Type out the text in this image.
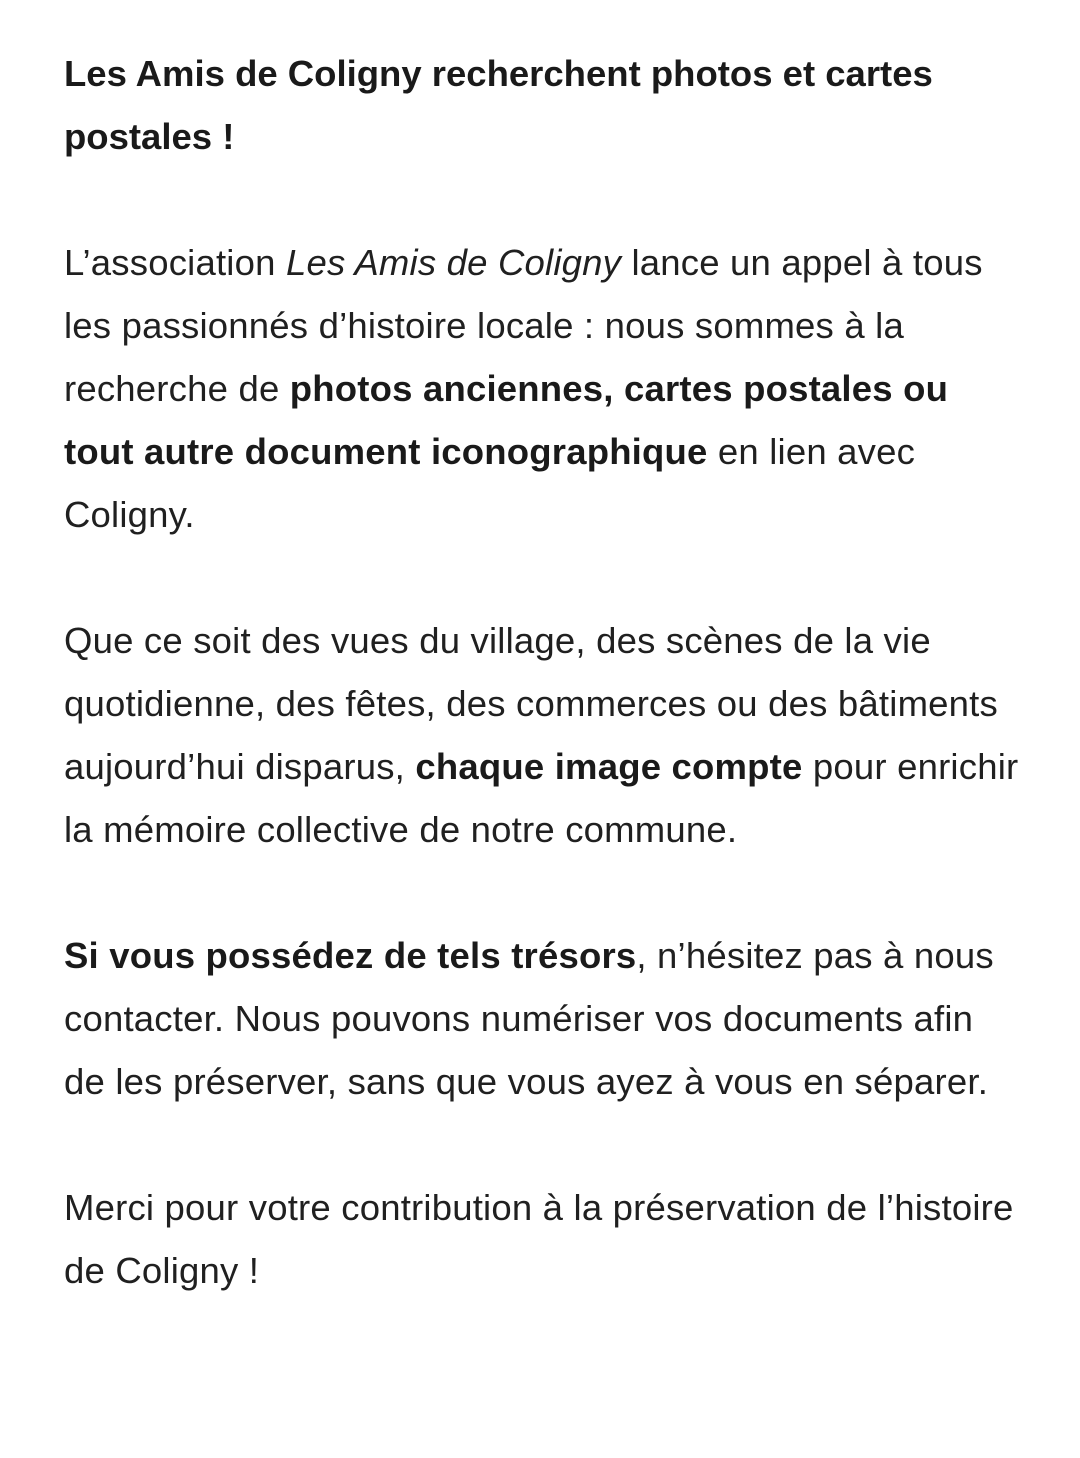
Les Amis de Coligny recherchent photos et cartes postales !

L’association Les Amis de Coligny lance un appel à tous les passionnés d’histoire locale : nous sommes à la recherche de photos anciennes, cartes postales ou tout autre document iconographique en lien avec Coligny.

Que ce soit des vues du village, des scènes de la vie quotidienne, des fêtes, des commerces ou des bâtiments aujourd’hui disparus, chaque image compte pour enrichir la mémoire collective de notre commune.

Si vous possédez de tels trésors, n’hésitez pas à nous contacter. Nous pouvons numériser vos documents afin de les préserver, sans que vous ayez à vous en séparer.

Merci pour votre contribution à la préservation de l’histoire de Coligny !
